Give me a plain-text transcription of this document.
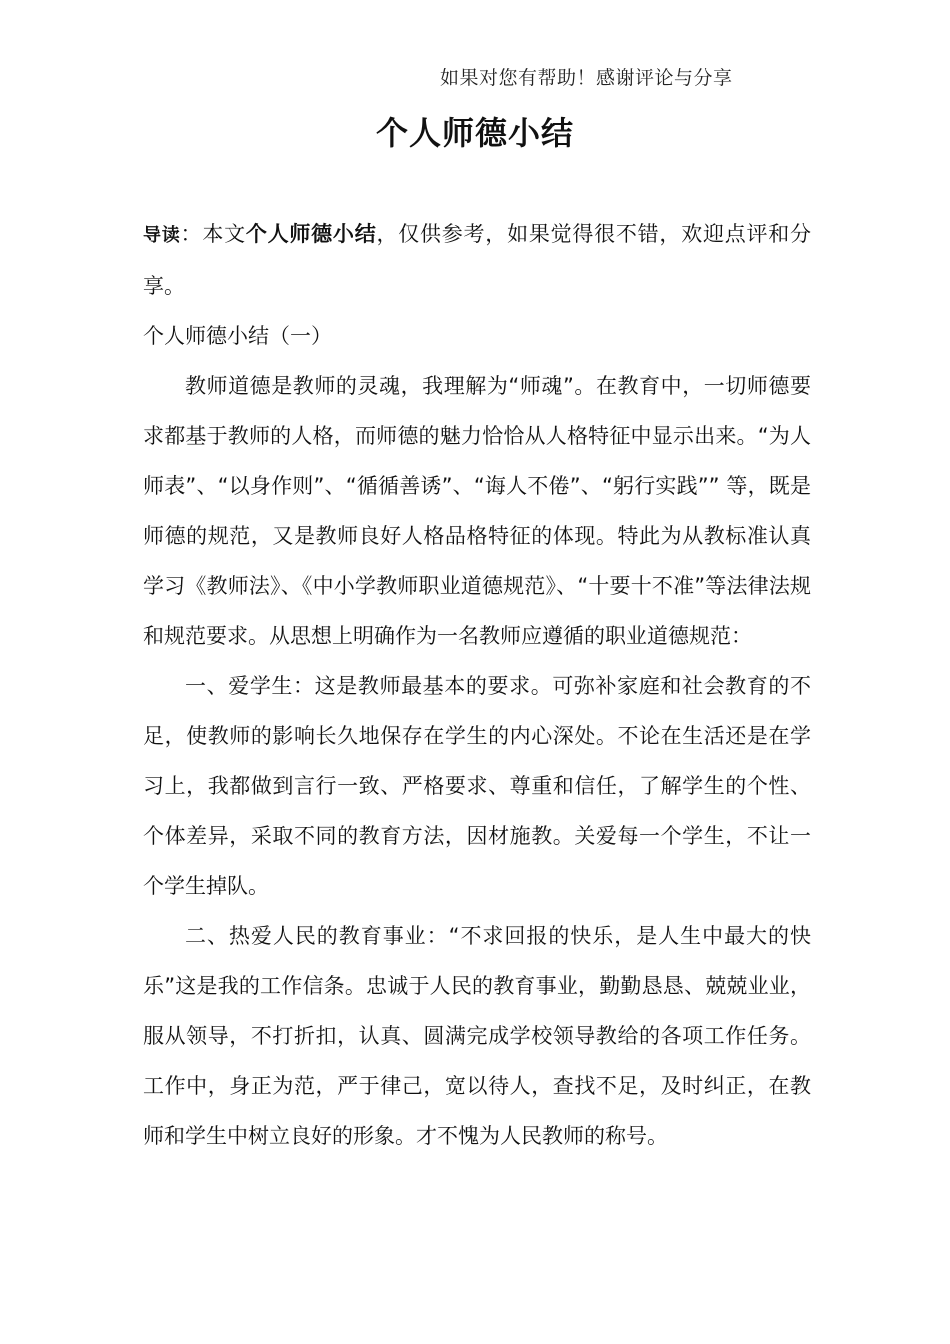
如果对您有帮助！感谢评论与分享
个人师德小结

导读：本文个人师德小结，仅供参考，如果觉得很不错，欢迎点评和分享。

个人师德小结（一）

教师道德是教师的灵魂，我理解为“师魂”。在教育中，一切师德要求都基于教师的人格，而师德的魅力恰恰从人格特征中显示出来。“为人师表”、“以身作则”、“循循善诱”、“诲人不倦”、“躬行实践”” 等，既是师德的规范，又是教师良好人格品格特征的体现。特此为从教标准认真学习《教师法》、《中小学教师职业道德规范》、“十要十不准”等法律法规和规范要求。从思想上明确作为一名教师应遵循的职业道德规范：

一、爱学生：这是教师最基本的要求。可弥补家庭和社会教育的不足，使教师的影响长久地保存在学生的内心深处。不论在生活还是在学习上，我都做到言行一致、严格要求、尊重和信任，了解学生的个性、个体差异，采取不同的教育方法，因材施教。关爱每一个学生，不让一个学生掉队。

二、热爱人民的教育事业：“不求回报的快乐，是人生中最大的快乐”这是我的工作信条。忠诚于人民的教育事业，勤勤恳恳、兢兢业业，服从领导，不打折扣，认真、圆满完成学校领导教给的各项工作任务。工作中，身正为范，严于律己，宽以待人，查找不足，及时纠正，在教师和学生中树立良好的形象。才不愧为人民教师的称号。
